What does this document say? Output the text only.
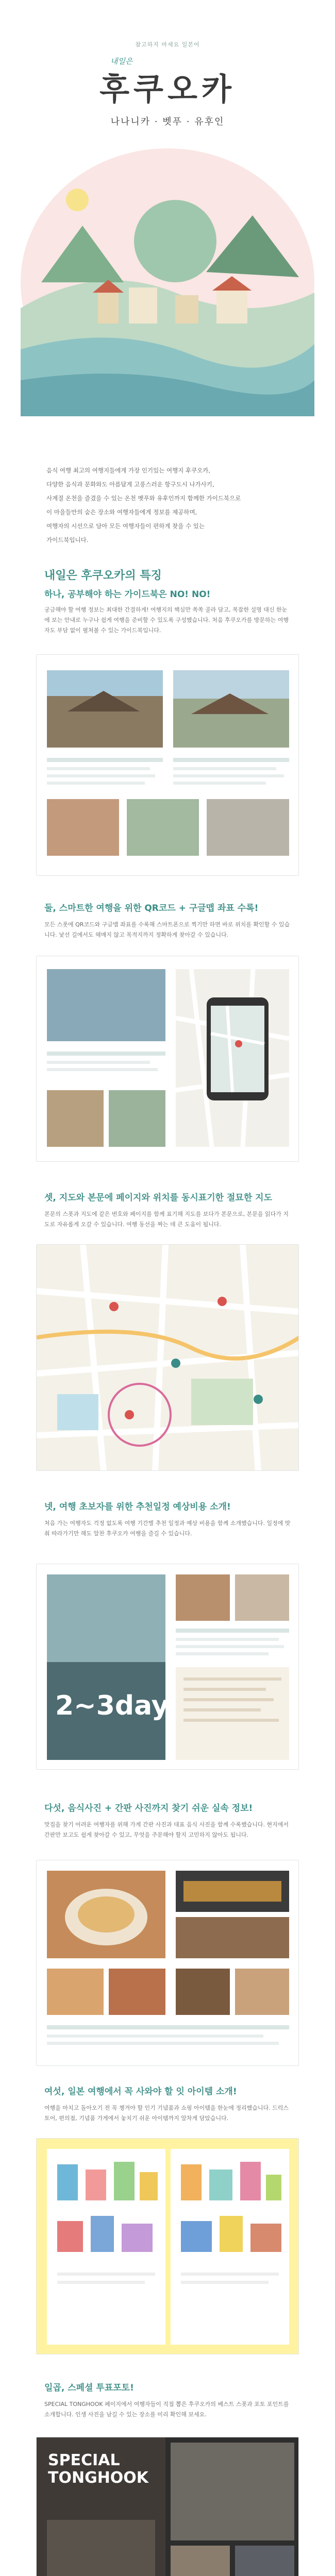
참고하지 마세요 일본어
내일은
후쿠오카
나나니카 · 벳푸 · 유후인

음식 여행 최고의 여행지들에게 가장 인기있는 여행지 후쿠오카,

다양한 음식과 문화와도 아름답게 고풍스러운 항구도시 나가사키,

사계절 온천을 즐겼을 수 있는 온천 벳푸와 유후인까지 함께한 가이드북으로

이 마을들만의 숨은 장소와 여행자들에게 정보를 제공하며,

여행자의 시선으로 담아 모든 여행자들이 편하게 찾을 수 있는

가이드북입니다.

내일은 후쿠오카의 특징
하나, 공부해야 하는 가이드북은 NO! NO!
궁금해야 할 여행 정보는 최대한 간결하게! 여행지의 핵심만 쏙쏙 골라 담고, 복잡한 설명 대신 한눈에 보는 안내로 누구나 쉽게 여행을 준비할 수 있도록 구성했습니다. 처음 후쿠오카를 방문하는 여행자도 부담 없이 펼쳐볼 수 있는 가이드북입니다.
둘, 스마트한 여행을 위한 QR코드 + 구글맵 좌표 수록!
모든 스폿에 QR코드와 구글맵 좌표를 수록해 스마트폰으로 찍기만 하면 바로 위치를 확인할 수 있습니다. 낯선 길에서도 헤매지 않고 목적지까지 정확하게 찾아갈 수 있습니다.
셋, 지도와 본문에 페이지와 위치를 동시표기한 절묘한 지도
본문의 스폿과 지도에 같은 번호와 페이지를 함께 표기해 지도를 보다가 본문으로, 본문을 읽다가 지도로 자유롭게 오갈 수 있습니다. 여행 동선을 짜는 데 큰 도움이 됩니다.
넷, 여행 초보자를 위한 추천일정 예상비용 소개!
처음 가는 여행자도 걱정 없도록 여행 기간별 추천 일정과 예상 비용을 함께 소개했습니다. 일정에 맞춰 따라가기만 해도 알찬 후쿠오카 여행을 즐길 수 있습니다.
2~3day
다섯, 음식사진 + 간판 사진까지 찾기 쉬운 실속 정보!
맛집을 찾기 어려운 여행자를 위해 가게 간판 사진과 대표 음식 사진을 함께 수록했습니다. 현지에서 간판만 보고도 쉽게 찾아갈 수 있고, 무엇을 주문해야 할지 고민하지 않아도 됩니다.
여섯, 일본 여행에서 꼭 사와야 할 잇 아이템 소개!
여행을 마치고 돌아오기 전 꼭 챙겨야 할 인기 기념품과 쇼핑 아이템을 한눈에 정리했습니다. 드럭스토어, 편의점, 기념품 가게에서 놓치기 쉬운 아이템까지 알차게 담았습니다.
일곱, 스페셜 투표포토!
SPECIAL TONGHOOK 페이지에서 여행자들이 직접 뽑은 후쿠오카의 베스트 스폿과 포토 포인트를 소개합니다. 인생 사진을 남길 수 있는 장소를 미리 확인해 보세요.
SPECIAL
TONGHOOK
